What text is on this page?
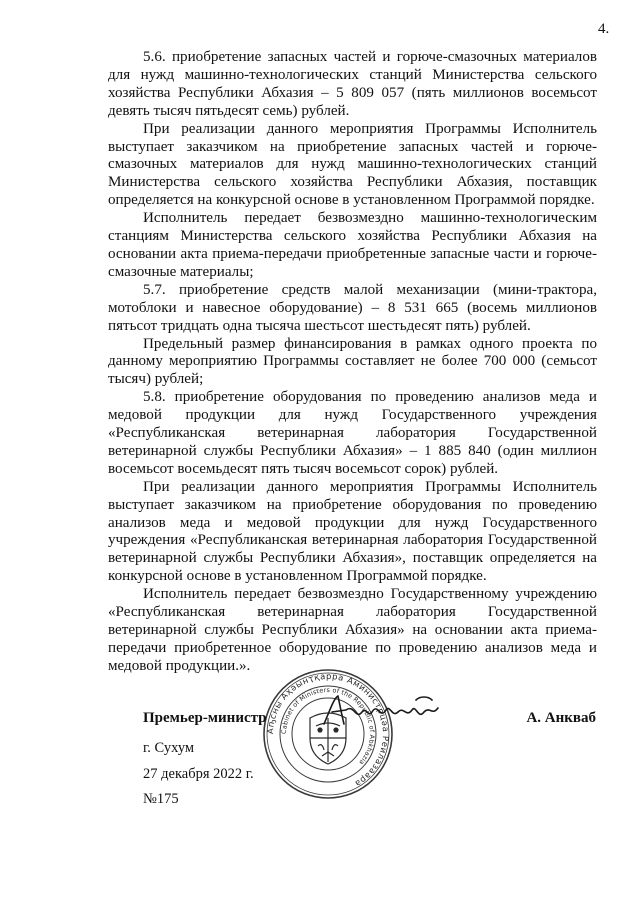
4.

5.6. приобретение запасных частей и горюче-смазочных материалов для нужд машинно-технологических станций Министерства сельского хозяйства Республики Абхазия – 5 809 057 (пять миллионов восемьсот девять тысяч пятьдесят семь) рублей.

При реализации данного мероприятия Программы Исполнитель выступает заказчиком на приобретение запасных частей и горюче-смазочных материалов для нужд машинно-технологических станций Министерства сельского хозяйства Республики Абхазия, поставщик определяется на конкурсной основе в установленном Программой порядке.

Исполнитель передает безвозмездно машинно-технологическим станциям Министерства сельского хозяйства Республики Абхазия на основании акта приема-передачи приобретенные запасные части и горюче-смазочные материалы;

5.7. приобретение средств малой механизации (мини-трактора, мотоблоки и навесное оборудование) – 8 531 665 (восемь миллионов пятьсот тридцать одна тысяча шестьсот шестьдесят пять) рублей.

Предельный размер финансирования в рамках одного проекта по данному мероприятию Программы составляет не более 700 000 (семьсот тысяч) рублей;

5.8. приобретение оборудования по проведению анализов меда и медовой продукции для нужд Государственного учреждения «Республиканская ветеринарная лаборатория Государственной ветеринарной службы Республики Абхазия» – 1 885 840 (один миллион восемьсот восемьдесят пять тысяч восемьсот сорок) рублей.

При реализации данного мероприятия Программы Исполнитель выступает заказчиком на приобретение оборудования по проведению анализов меда и медовой продукции для нужд Государственного учреждения «Республиканская ветеринарная лаборатория Государственной ветеринарной службы Республики Абхазия», поставщик определяется на конкурсной основе в установленном Программой порядке.

Исполнитель передает безвозмездно Государственному учреждению «Республиканская ветеринарная лаборатория Государственной ветеринарной службы Республики Абхазия» на основании акта приема-передачи приобретенное оборудование по проведению анализов меда и медовой продукции.».

Аҧсны Аҳәынҭқарра Аминистрцәа Реилазаара
Cabinet of Ministers of the Republic of Abkhazia
Премьер-министр	А. Анкваб
г. Сухум
27 декабря 2022 г.
№175
